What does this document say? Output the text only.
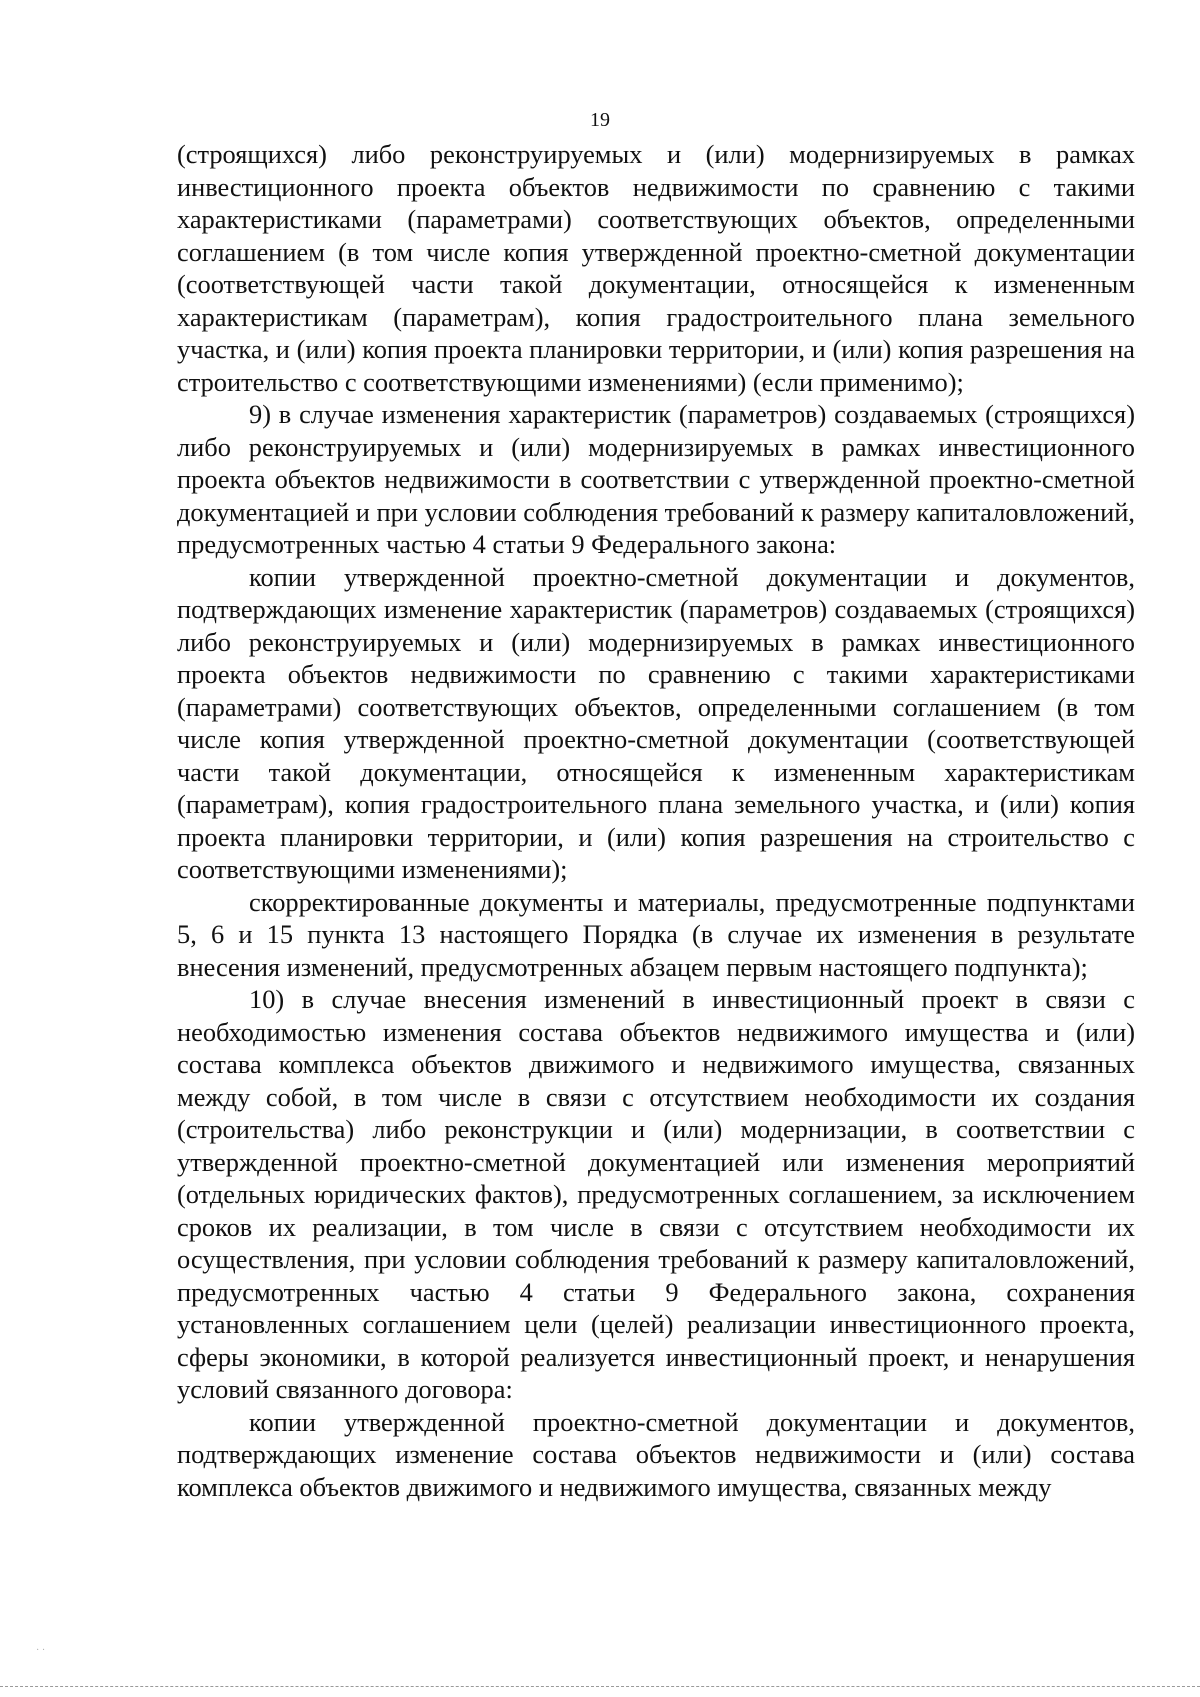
19

(строящихся) либо реконструируемых и (или) модернизируемых в рамках инвестиционного проекта объектов недвижимости по сравнению с такими характеристиками (параметрами) соответствующих объектов, определенными соглашением (в том числе копия утвержденной проектно-сметной документации (соответствующей части такой документации, относящейся к измененным характеристикам (параметрам), копия градостроительного плана земельного участка, и (или) копия проекта планировки территории, и (или) копия разрешения на строительство с соответствующими изменениями) (если применимо);

9) в случае изменения характеристик (параметров) создаваемых (строящихся) либо реконструируемых и (или) модернизируемых в рамках инвестиционного проекта объектов недвижимости в соответствии с утвержденной проектно-сметной документацией и при условии соблюдения требований к размеру капиталовложений, предусмотренных частью 4 статьи 9 Федерального закона:

копии утвержденной проектно-сметной документации и документов, подтверждающих изменение характеристик (параметров) создаваемых (строящихся) либо реконструируемых и (или) модернизируемых в рамках инвестиционного проекта объектов недвижимости по сравнению с такими характеристиками (параметрами) соответствующих объектов, определенными соглашением (в том числе копия утвержденной проектно-сметной документации (соответствующей части такой документации, относящейся к измененным характеристикам (параметрам), копия градостроительного плана земельного участка, и (или) копия проекта планировки территории, и (или) копия разрешения на строительство с соответствующими изменениями);

скорректированные документы и материалы, предусмотренные подпунктами 5, 6 и 15 пункта 13 настоящего Порядка (в случае их изменения в результате внесения изменений, предусмотренных абзацем первым настоящего подпункта);

10) в случае внесения изменений в инвестиционный проект в связи с необходимостью изменения состава объектов недвижимого имущества и (или) состава комплекса объектов движимого и недвижимого имущества, связанных между собой, в том числе в связи с отсутствием необходимости их создания (строительства) либо реконструкции и (или) модернизации, в соответствии с утвержденной проектно-сметной документацией или изменения мероприятий (отдельных юридических фактов), предусмотренных соглашением, за исключением сроков их реализации, в том числе в связи с отсутствием необходимости их осуществления, при условии соблюдения требований к размеру капиталовложений, предусмотренных частью 4 статьи 9 Федерального закона, сохранения установленных соглашением цели (целей) реализации инвестиционного проекта, сферы экономики, в которой реализуется инвестиционный проект, и ненарушения условий связанного договора:

копии утвержденной проектно-сметной документации и документов, подтверждающих изменение состава объектов недвижимости и (или) состава комплекса объектов движимого и недвижимого имущества, связанных между

· ·
